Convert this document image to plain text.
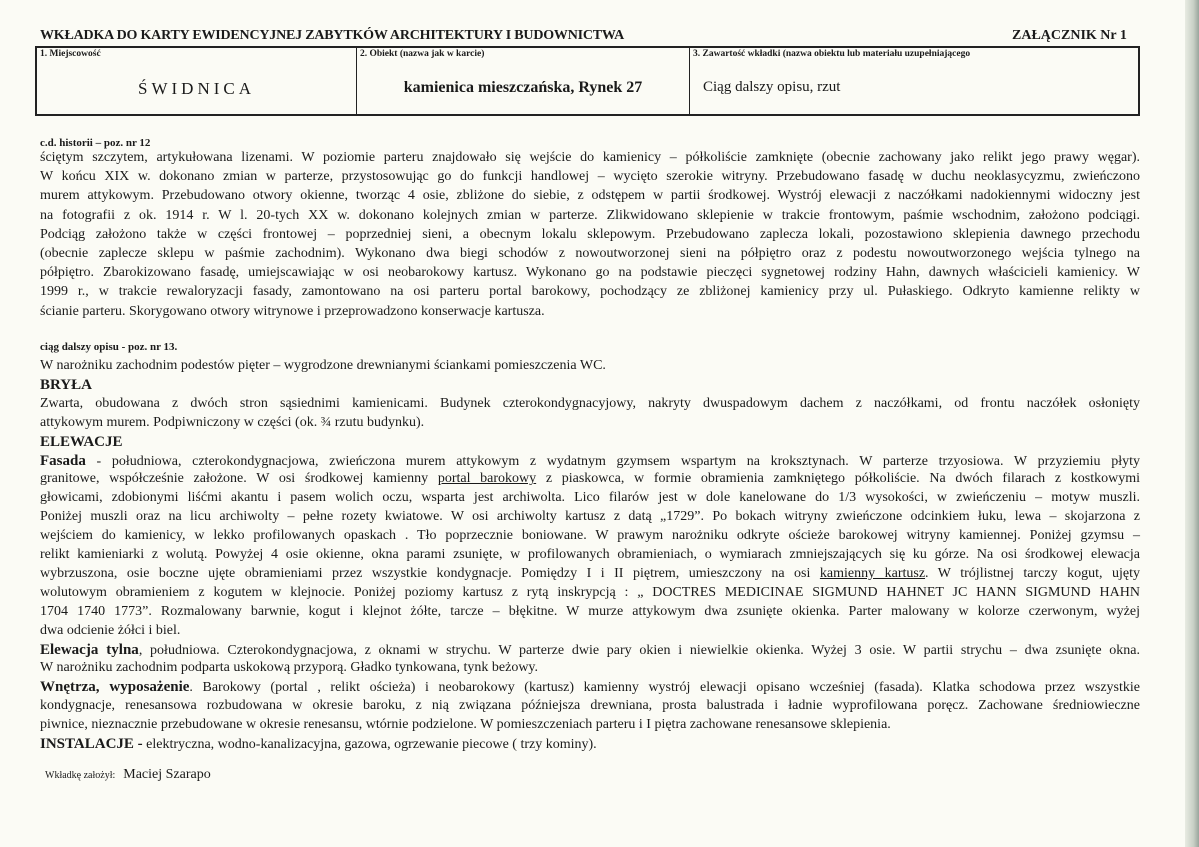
WKŁADKA DO KARTY EWIDENCYJNEJ ZABYTKÓW ARCHITEKTURY I BUDOWNICTWA	ZAŁĄCZNIK Nr 1
1. Miejscowość
ŚWIDNICA
2. Obiekt (nazwa jak w karcie)
kamienica mieszczańska, Rynek 27
3. Zawartość wkładki (nazwa obiektu lub materiału uzupełniającego
Ciąg dalszy opisu, rzut
c.d. historii – poz. nr 12
ściętym szczytem, artykułowana lizenami. W poziomie parteru znajdowało się wejście do kamienicy – półkoliście zamknięte (obecnie zachowany jako relikt jego prawy węgar).
W końcu XIX w. dokonano zmian w parterze, przystosowując go do funkcji handlowej – wycięto szerokie witryny. Przebudowano fasadę w duchu neoklasycyzmu, zwieńczono
murem attykowym. Przebudowano otwory okienne, tworząc 4 osie, zbliżone do siebie, z odstępem w partii środkowej. Wystrój elewacji z naczółkami nadokiennymi widoczny jest
na fotografii z ok. 1914 r. W l. 20-tych XX w. dokonano kolejnych zmian w parterze. Zlikwidowano sklepienie w trakcie frontowym, paśmie wschodnim, założono podciągi.
Podciąg założono także w części frontowej – poprzedniej sieni, a obecnym lokalu sklepowym. Przebudowano zaplecza lokali, pozostawiono sklepienia dawnego przechodu
(obecnie zaplecze sklepu w paśmie zachodnim). Wykonano dwa biegi schodów z nowoutworzonej sieni na półpiętro oraz z podestu nowoutworzonego wejścia tylnego na
półpiętro. Zbarokizowano fasadę, umiejscawiając w osi neobarokowy kartusz. Wykonano go na podstawie pieczęci sygnetowej rodziny Hahn, dawnych właścicieli kamienicy. W
1999 r., w trakcie rewaloryzacji fasady, zamontowano na osi parteru portal barokowy, pochodzący ze zbliżonej kamienicy przy ul. Pułaskiego. Odkryto kamienne relikty w
ścianie parteru. Skorygowano otwory witrynowe i przeprowadzono konserwacje kartusza.
ciąg dalszy opisu - poz. nr 13.
W narożniku zachodnim podestów pięter – wygrodzone drewnianymi ściankami pomieszczenia WC.
BRYŁA
Zwarta, obudowana z dwóch stron sąsiednimi kamienicami. Budynek czterokondygnacyjowy, nakryty dwuspadowym dachem z naczółkami, od frontu naczółek osłonięty
attykowym murem. Podpiwniczony w części (ok. ¾ rzutu budynku).
ELEWACJE
Fasada - południowa, czterokondygnacjowa, zwieńczona murem attykowym z wydatnym gzymsem wspartym na kroksztynach. W parterze trzyosiowa. W przyziemiu płyty
granitowe, współcześnie założone. W osi środkowej kamienny portal barokowy z piaskowca, w formie obramienia zamkniętego półkoliście. Na dwóch filarach z kostkowymi
głowicami, zdobionymi liśćmi akantu i pasem wolich oczu, wsparta jest archiwolta. Lico filarów jest w dole kanelowane do 1/3 wysokości, w zwieńczeniu – motyw muszli.
Poniżej muszli oraz na licu archiwolty – pełne rozety kwiatowe. W osi archiwolty kartusz z datą „1729”. Po bokach witryny zwieńczone odcinkiem łuku, lewa – skojarzona z
wejściem do kamienicy, w lekko profilowanych opaskach . Tło poprzecznie boniowane. W prawym narożniku odkryte ościeże barokowej witryny kamiennej. Poniżej gzymsu –
relikt kamieniarki z wolutą. Powyżej 4 osie okienne, okna parami zsunięte, w profilowanych obramieniach, o wymiarach zmniejszających się ku górze. Na osi środkowej elewacja
wybrzuszona, osie boczne ujęte obramieniami przez wszystkie kondygnacje. Pomiędzy I i II piętrem, umieszczony na osi kamienny kartusz. W trójlistnej tarczy kogut, ujęty
wolutowym obramieniem z kogutem w klejnocie. Poniżej poziomy kartusz z rytą inskrypcją : „ DOCTRES MEDICINAE SIGMUND HAHNET JC HANN SIGMUND HAHN
1704 1740 1773”. Rozmalowany barwnie, kogut i klejnot żółte, tarcze – błękitne. W murze attykowym dwa zsunięte okienka. Parter malowany w kolorze czerwonym, wyżej
dwa odcienie żółci i biel.
Elewacja tylna, południowa. Czterokondygnacjowa, z oknami w strychu. W parterze dwie pary okien i niewielkie okienka. Wyżej 3 osie. W partii strychu – dwa zsunięte okna.
W narożniku zachodnim podparta uskokową przyporą. Gładko tynkowana, tynk beżowy.
Wnętrza, wyposażenie. Barokowy (portal , relikt ościeża) i neobarokowy (kartusz) kamienny wystrój elewacji opisano wcześniej (fasada). Klatka schodowa przez wszystkie
kondygnacje, renesansowa rozbudowana w okresie baroku, z nią związana późniejsza drewniana, prosta balustrada i ładnie wyprofilowana poręcz. Zachowane średniowieczne
piwnice, nieznacznie przebudowane w okresie renesansu, wtórnie podzielone. W pomieszczeniach parteru i I piętra zachowane renesansowe sklepienia.
INSTALACJE - elektryczna, wodno-kanalizacyjna, gazowa, ogrzewanie piecowe ( trzy kominy).
Wkładkę założył: Maciej Szarapo
